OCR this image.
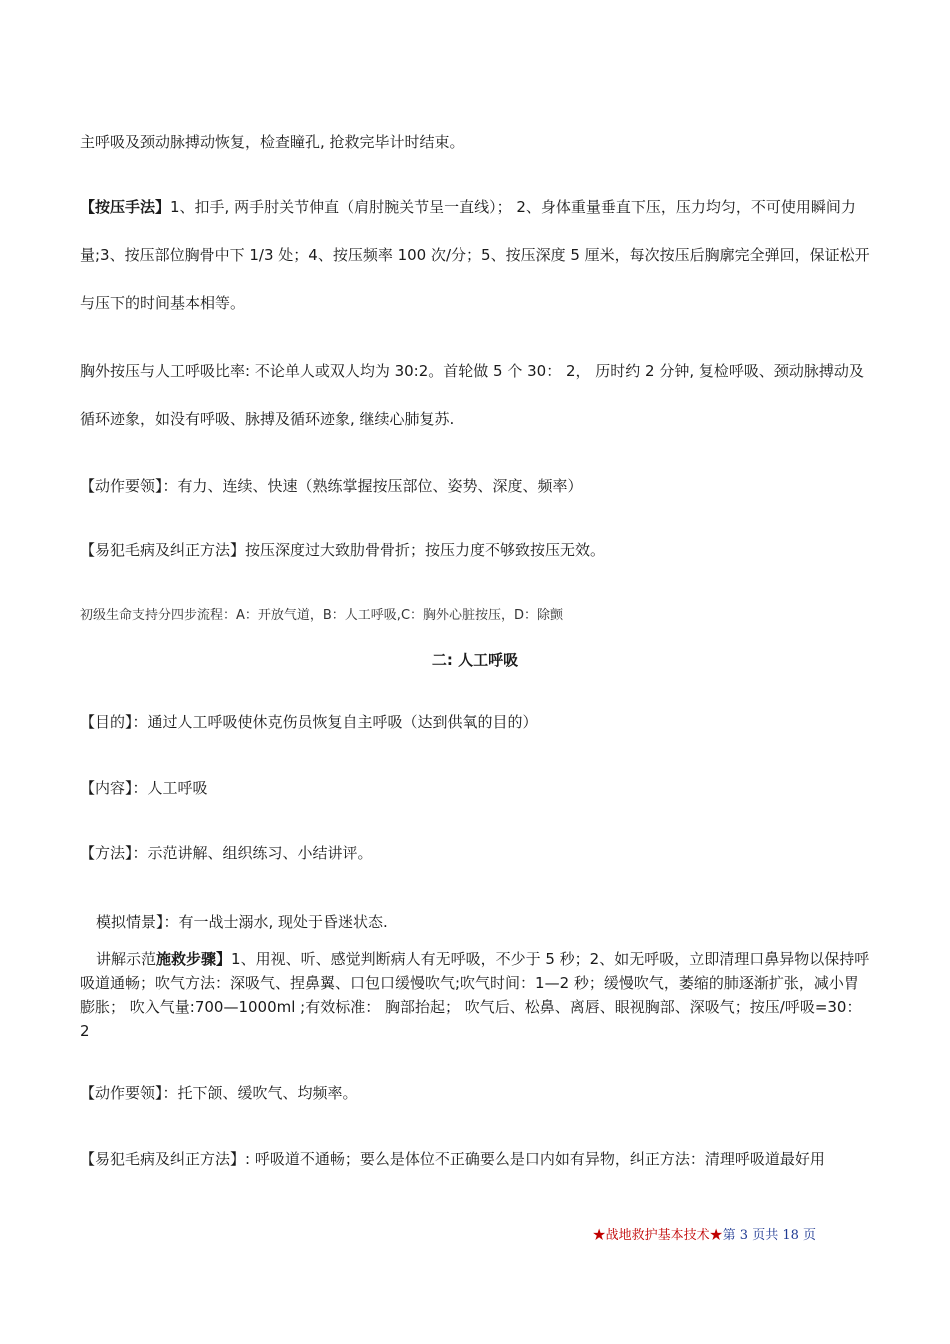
主呼吸及颈动脉搏动恢复，检查瞳孔, 抢救完毕计时结束。

【按压手法】1、扣手, 两手肘关节伸直（肩肘腕关节呈一直线）； 2、身体重量垂直下压，压力均匀，不可使用瞬间力量;3、按压部位胸骨中下 1/3 处；4、按压频率 100 次/分；5、按压深度 5 厘米，每次按压后胸廓完全弹回，保证松开与压下的时间基本相等。

胸外按压与人工呼吸比率: 不论单人或双人均为 30:2。首轮做 5 个 30： 2， 历时约 2 分钟, 复检呼吸、颈动脉搏动及循环迹象，如没有呼吸、脉搏及循环迹象, 继续心肺复苏.

【动作要领】：有力、连续、快速（熟练掌握按压部位、姿势、深度、频率）

【易犯毛病及纠正方法】按压深度过大致肋骨骨折；按压力度不够致按压无效。

初级生命支持分四步流程：A：开放气道，B：人工呼吸,C：胸外心脏按压，D：除颤

二: 人工呼吸

【目的】：通过人工呼吸使休克伤员恢复自主呼吸（达到供氧的目的）

【内容】：人工呼吸

【方法】：示范讲解、组织练习、小结讲评。

模拟情景】：有一战士溺水, 现处于昏迷状态.

讲解示范施救步骤】1、用视、听、感觉判断病人有无呼吸，不少于 5 秒；2、如无呼吸，立即清理口鼻异物以保持呼吸道通畅；吹气方法：深吸气、捏鼻翼、口包口缓慢吹气;吹气时间：1—2 秒；缓慢吹气，萎缩的肺逐渐扩张，减小胃膨胀； 吹入气量:700—1000ml ;有效标准： 胸部抬起； 吹气后、松鼻、离唇、眼视胸部、深吸气；按压/呼吸=30： 2

【动作要领】：托下颌、缓吹气、均频率。

【易犯毛病及纠正方法】: 呼吸道不通畅；要么是体位不正确要么是口内如有异物，纠正方法：清理呼吸道最好用

★战地救护基本技术★第 3 页共 18 页
